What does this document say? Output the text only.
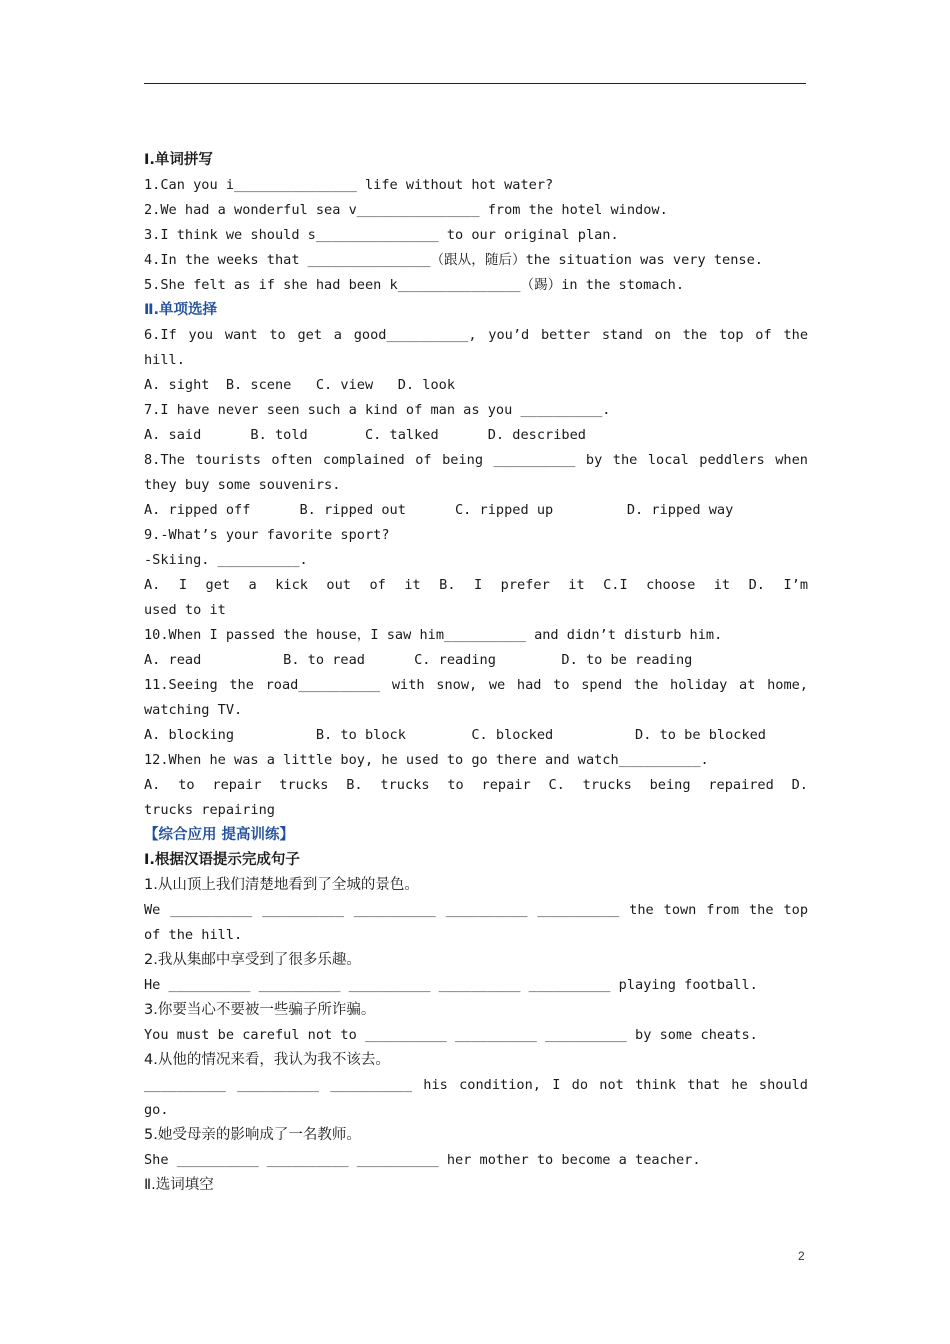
Ⅰ.单词拼写
1.Can you i_______________ life without hot water?
2.We had a wonderful sea v_______________ from the hotel window.
3.I think we should s_______________ to our original plan.
4.In the weeks that _______________（跟从，随后）the situation was very tense.
5.She felt as if she had been k_______________（踢）in the stomach.
Ⅱ.单项选择
6.If you want to get a good__________, you’d better stand on the top of the
hill.
A. sight  B. scene   C. view   D. look
7.I have never seen such a kind of man as you __________.
A. said      B. told       C. talked      D. described
8.The tourists often complained of being __________ by the local peddlers when
they buy some souvenirs.
A. ripped off      B. ripped out      C. ripped up         D. ripped way
9.-What’s your favorite sport?
-Skiing. __________.
A. I get a kick out of it B. I prefer it C.I choose it D. I’m
used to it
10.When I passed the house，I saw him__________ and didn’t disturb him.
A. read          B. to read      C. reading        D. to be reading
11.Seeing the road__________ with snow, we had to spend the holiday at home,
watching TV.
A. blocking          B. to block        C. blocked          D. to be blocked
12.When he was a little boy, he used to go there and watch__________.
A. to repair trucks B. trucks to repair C. trucks being repaired D.
trucks repairing
【综合应用 提高训练】
Ⅰ.根据汉语提示完成句子
1.从山顶上我们清楚地看到了全城的景色。
We __________ __________ __________ __________ __________ the town from the top
of the hill.
2.我从集邮中享受到了很多乐趣。
He __________ __________ __________ __________ __________ playing football.
3.你要当心不要被一些骗子所诈骗。
You must be careful not to __________ __________ __________ by some cheats.
4.从他的情况来看，我认为我不该去。
__________ __________ __________ his condition, I do not think that he should
go.
5.她受母亲的影响成了一名教师。
She __________ __________ __________ her mother to become a teacher.
Ⅱ.选词填空
2
